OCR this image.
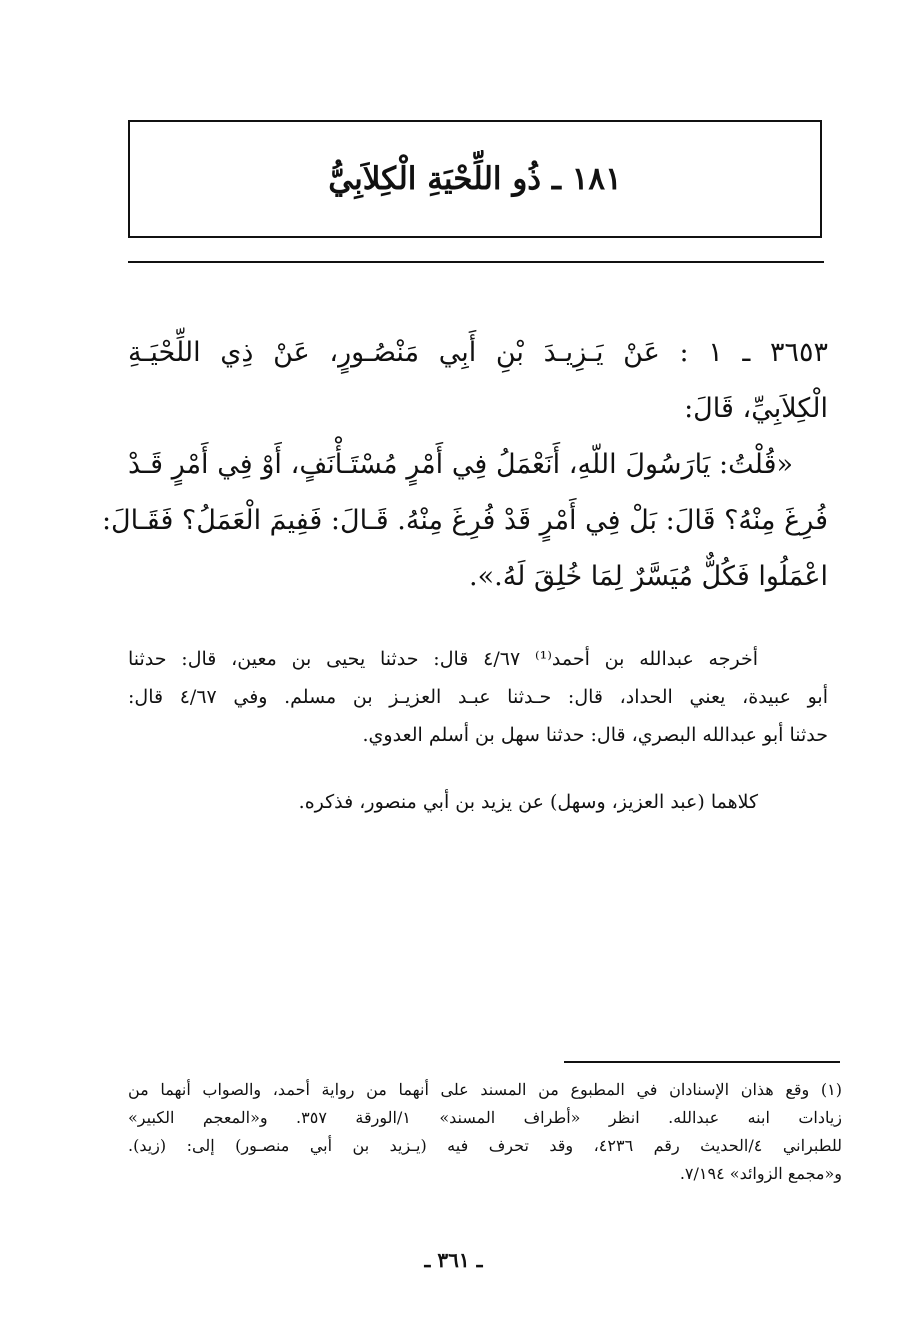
١٨١ ـ ذُو اللِّحْيَةِ الْكِلاَبِيُّ
٣٦٥٣ ـ ١ : عَنْ يَـزِيـدَ بْنِ أَبِي مَنْصُـورٍ، عَنْ ذِي اللِّحْيَـةِ
الْكِلاَبِيِّ، قَالَ:
«قُلْتُ: يَارَسُولَ اللّهِ، أَنَعْمَلُ فِي أَمْرٍ مُسْتَـأْنَفٍ، أَوْ فِي أَمْرٍ قَـدْ
فُرِغَ مِنْهُ؟ قَالَ: بَلْ فِي أَمْرٍ قَدْ فُرِغَ مِنْهُ. قَـالَ: فَفِيمَ الْعَمَلُ؟ فَقَـالَ:
اعْمَلُوا فَكُلٌّ مُيَسَّرٌ لِمَا خُلِقَ لَهُ.».
أخرجه عبدالله بن أحمد⁽¹⁾ ٤/٦٧ قال: حدثنا يحيى بن معين، قال: حدثنا
أبو عبيدة، يعني الحداد، قال: حـدثنا عبـد العزيـز بن مسلم. وفي ٤/٦٧ قال:
حدثنا أبو عبدالله البصري، قال: حدثنا سهل بن أسلم العدوي.
كلاهما (عبد العزيز، وسهل) عن يزيد بن أبي منصور، فذكره.
(١) وقع هذان الإسنادان في المطبوع من المسند على أنهما من رواية أحمد، والصواب أنهما من
زيادات ابنه عبدالله. انظر «أطراف المسند» ١/الورقة ٣٥٧. و«المعجم الكبير»
للطبراني ٤/الحديث رقم ٤٢٣٦، وقد تحرف فيه (يـزيد بن أبي منصـور) إلى: (زيد).
و«مجمع الزوائد» ٧/١٩٤.
ـ ٣٦١ ـ
